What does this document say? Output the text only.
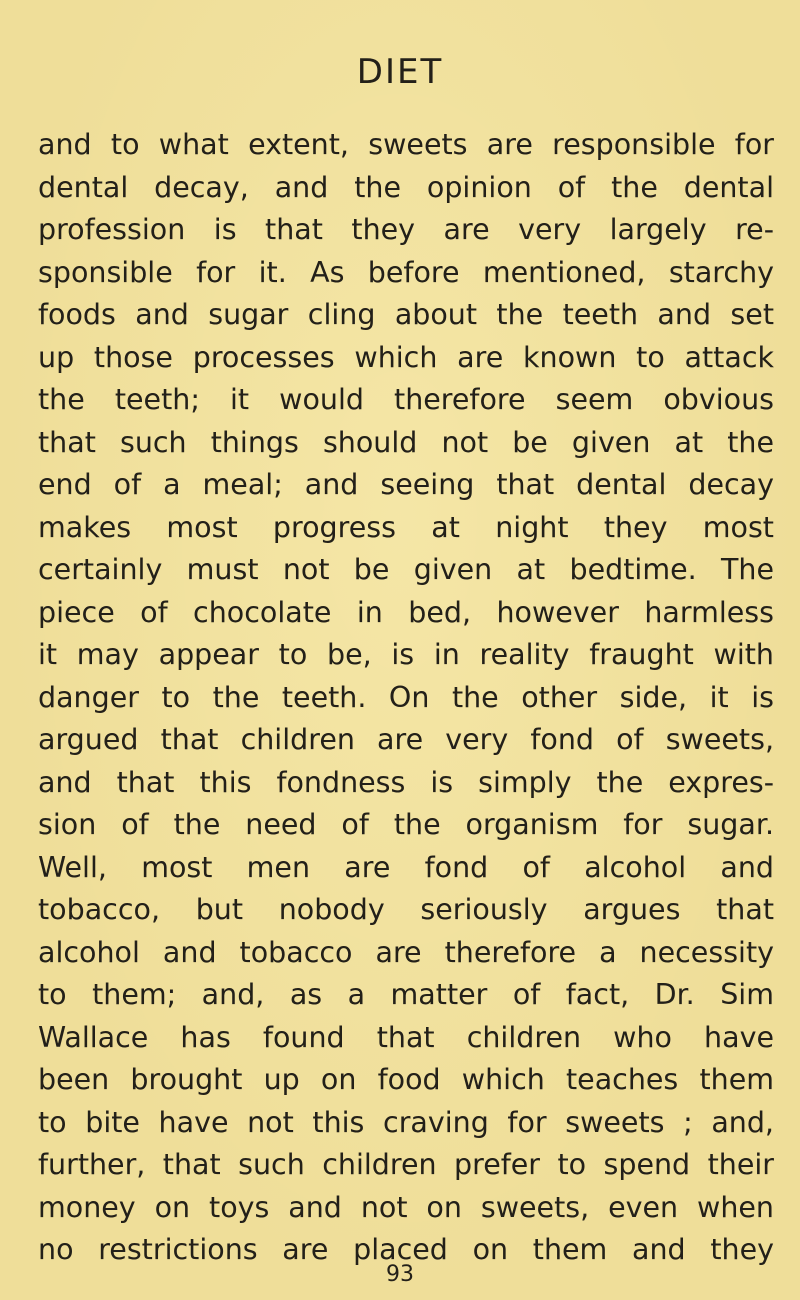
DIET
and to what extent, sweets are responsible for
dental decay, and the opinion of the dental
profession is that they are very largely re-
sponsible for it. As before mentioned, starchy
foods and sugar cling about the teeth and set
up those processes which are known to attack
the teeth; it would therefore seem obvious
that such things should not be given at the
end of a meal; and seeing that dental decay
makes most progress at night they most
certainly must not be given at bedtime. The
piece of chocolate in bed, however harmless
it may appear to be, is in reality fraught with
danger to the teeth. On the other side, it is
argued that children are very fond of sweets,
and that this fondness is simply the expres-
sion of the need of the organism for sugar.
Well, most men are fond of alcohol and
tobacco, but nobody seriously argues that
alcohol and tobacco are therefore a necessity
to them; and, as a matter of fact, Dr. Sim
Wallace has found that children who have
been brought up on food which teaches them
to bite have not this craving for sweets ; and,
further, that such children prefer to spend their
money on toys and not on sweets, even when
no restrictions are placed on them and they
93
